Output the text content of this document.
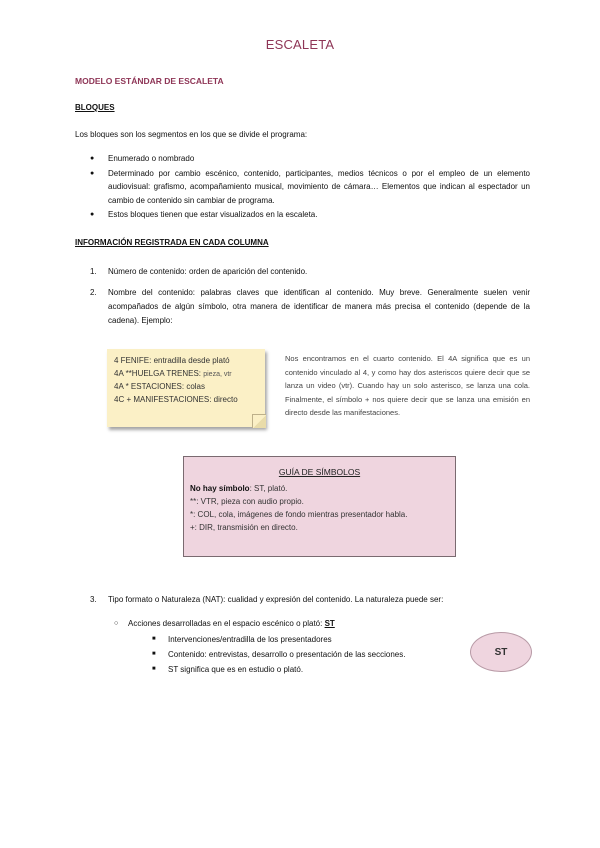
ESCALETA
MODELO ESTÁNDAR DE ESCALETA
BLOQUES
Los bloques son los segmentos en los que se divide el programa:
● Enumerado o nombrado
● Determinado por cambio escénico, contenido, participantes, medios técnicos o por el empleo de un elemento audiovisual: grafismo, acompañamiento musical, movimiento de cámara… Elementos que indican al espectador un cambio de contenido sin cambiar de programa.
● Estos bloques tienen que estar visualizados en la escaleta.
INFORMACIÓN REGISTRADA EN CADA COLUMNA
1. Número de contenido: orden de aparición del contenido.
2. Nombre del contenido: palabras claves que identifican al contenido. Muy breve. Generalmente suelen venir acompañados de algún símbolo, otra manera de identificar de manera más precisa el contenido (depende de la cadena). Ejemplo:
4 FENIFE: entradilla desde plató
4A **HUELGA TRENES: pieza, vtr
4A * ESTACIONES: colas
4C + MANIFESTACIONES: directo
Nos encontramos en el cuarto contenido. El 4A significa que es un contenido vinculado al 4, y como hay dos asteriscos quiere decir que se lanza un video (vtr). Cuando hay un solo asterisco, se lanza una cola. Finalmente, el símbolo + nos quiere decir que se lanza una emisión en directo desde las manifestaciones.
GUÍA DE SÍMBOLOS
No hay símbolo: ST, plató.
**: VTR, pieza con audio propio.
*: COL, cola, imágenes de fondo mientras presentador habla.
+: DIR, transmisión en directo.
3. Tipo formato o Naturaleza (NAT): cualidad y expresión del contenido. La naturaleza puede ser:
○ Acciones desarrolladas en el espacio escénico o plató: ST
■ Intervenciones/entradilla de los presentadores
■ Contenido: entrevistas, desarrollo o presentación de las secciones.
■ ST significa que es en estudio o plató.
ST
